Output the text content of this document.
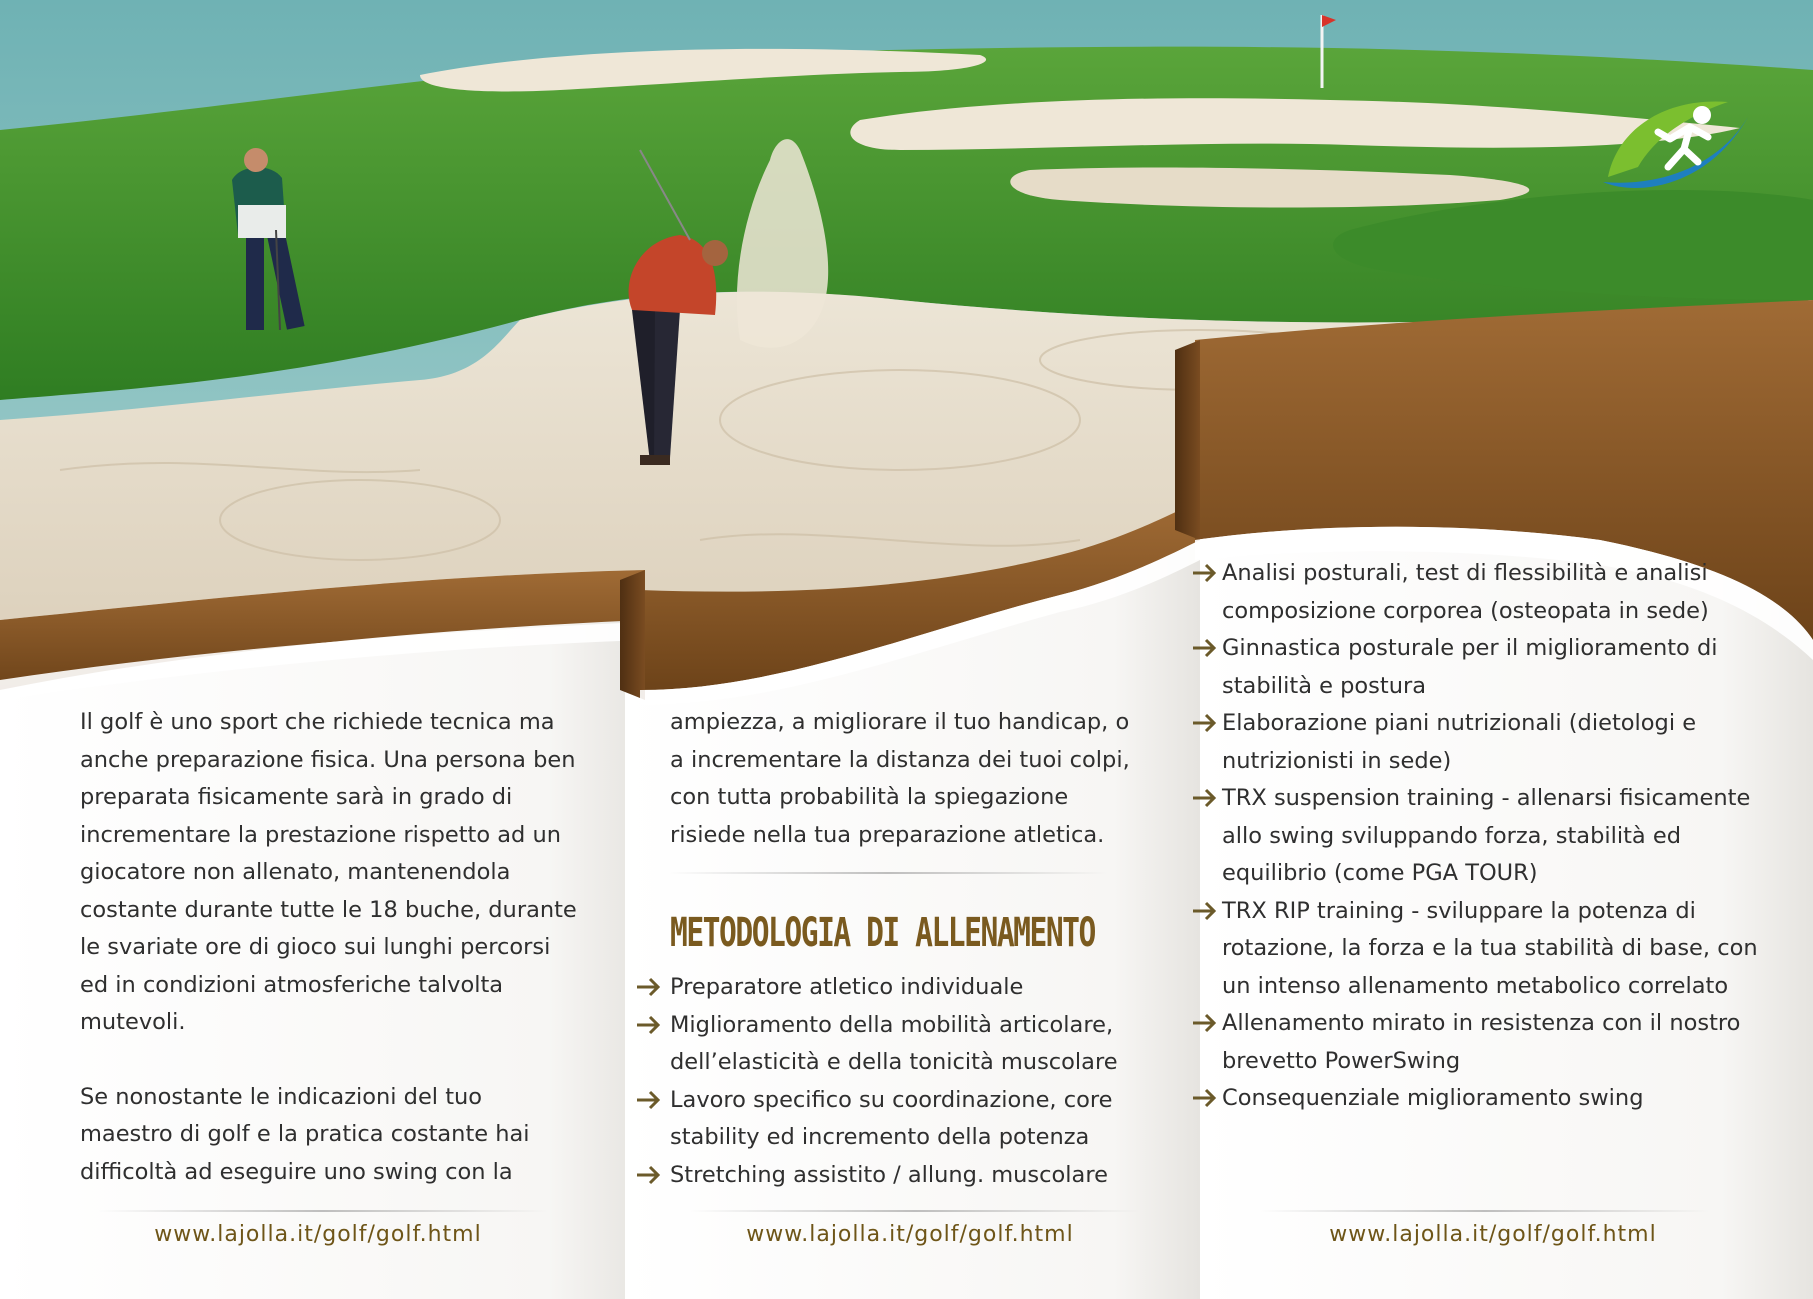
Il golf è uno sport che richiede tecnica ma anche preparazione fisica. Una persona ben preparata fisicamente sarà in grado di incrementare la prestazione rispetto ad un giocatore non allenato, mantenendola costante durante tutte le 18 buche, durante le svariate ore di gioco sui lunghi percorsi ed in condizioni atmosferiche talvolta mutevoli.

Se nonostante le indicazioni del tuo maestro di golf e la pratica costante hai difficoltà ad eseguire uno swing con la

ampiezza, a migliorare il tuo handicap, o a incrementare la distanza dei tuoi colpi, con tutta probabilità la spiegazione risiede nella tua preparazione atletica.

METODOLOGIA DI ALLENAMENTO
Preparatore atletico individuale
Miglioramento della mobilità articolare, dell’elasticità e della tonicità muscolare
Lavoro specifico su coordinazione, core stability ed incremento della potenza
Stretching assistito / allung. muscolare
Analisi posturali, test di flessibilità e analisi composizione corporea (osteopata in sede)
Ginnastica posturale per il miglioramento di stabilità e postura
Elaborazione piani nutrizionali (dietologi e nutrizionisti in sede)
TRX suspension training - allenarsi fisicamente allo swing sviluppando forza, stabilità ed equilibrio (come PGA TOUR)
TRX RIP training - sviluppare la potenza di rotazione, la forza e la tua stabilità di base, con un intenso allenamento metabolico correlato
Allenamento mirato in resistenza con il nostro brevetto PowerSwing
Consequenziale miglioramento swing
www.lajolla.it/golf/golf.html	www.lajolla.it/golf/golf.html	www.lajolla.it/golf/golf.html
